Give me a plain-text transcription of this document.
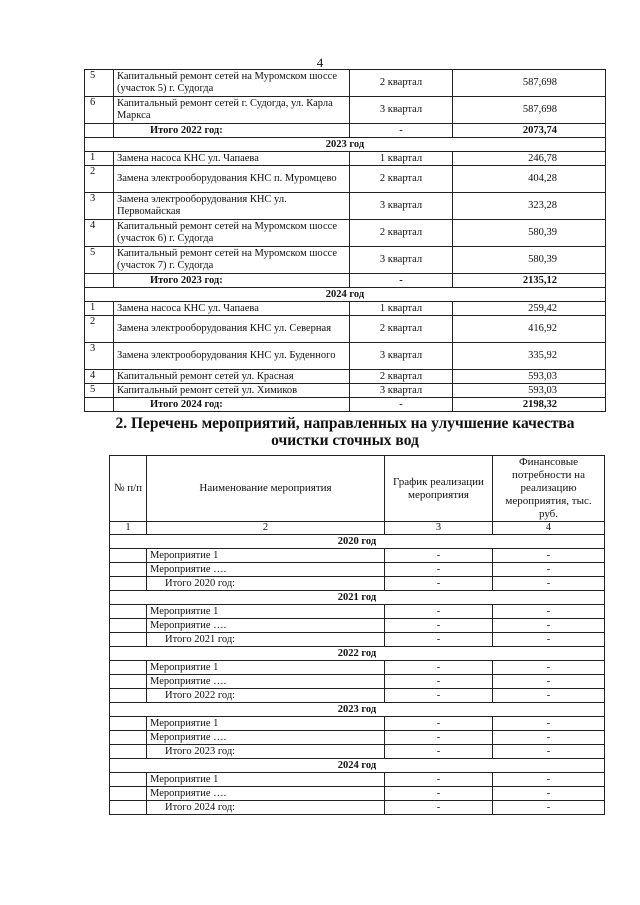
4
5	Капитальный ремонт сетей на Муромском шоссе (участок 5) г. Судогда	2 квартал	587,698
6	Капитальный ремонт сетей г. Судогда, ул. Карла Маркса	3 квартал	587,698
	Итого 2022 год:	-	2073,74
2023 год			
1	Замена насоса КНС ул. Чапаева	1 квартал	246,78
2	Замена электрооборудования КНС п. Муромцево	2 квартал	404,28
3	Замена электрооборудования КНС ул. Первомайская	3 квартал	323,28
4	Капитальный ремонт сетей на Муромском шоссе (участок 6) г. Судогда	2 квартал	580,39
5	Капитальный ремонт сетей на Муромском шоссе (участок 7) г. Судогда	3 квартал	580,39
	Итого 2023 год:	-	2135,12
2024 год			
1	Замена насоса КНС ул. Чапаева	1 квартал	259,42
2	Замена электрооборудования КНС ул. Северная	2 квартал	416,92
3	Замена электрооборудования КНС ул. Буденного	3 квартал	335,92
4	Капитальный ремонт сетей ул. Красная	2 квартал	593,03
5	Капитальный ремонт сетей ул. Химиков	3 квартал	593,03
	Итого 2024 год:	-	2198,32
2. Перечень мероприятий, направленных на улучшение качества очистки сточных вод
№ п/п	Наименование мероприятия	График реализации мероприятия	Финансовые потребности на реализацию мероприятия, тыс. руб.
1	2	3	4
2020 год			
	Мероприятие 1	-	-
	Мероприятие ….	-	-
	Итого 2020 год:	-	-
2021 год			
	Мероприятие 1	-	-
	Мероприятие ….	-	-
	Итого 2021 год:	-	-
2022 год			
	Мероприятие 1	-	-
	Мероприятие ….	-	-
	Итого 2022 год:	-	-
2023 год			
	Мероприятие 1	-	-
	Мероприятие ….	-	-
	Итого 2023 год:	-	-
2024 год			
	Мероприятие 1	-	-
	Мероприятие ….	-	-
	Итого 2024 год:	-	-
